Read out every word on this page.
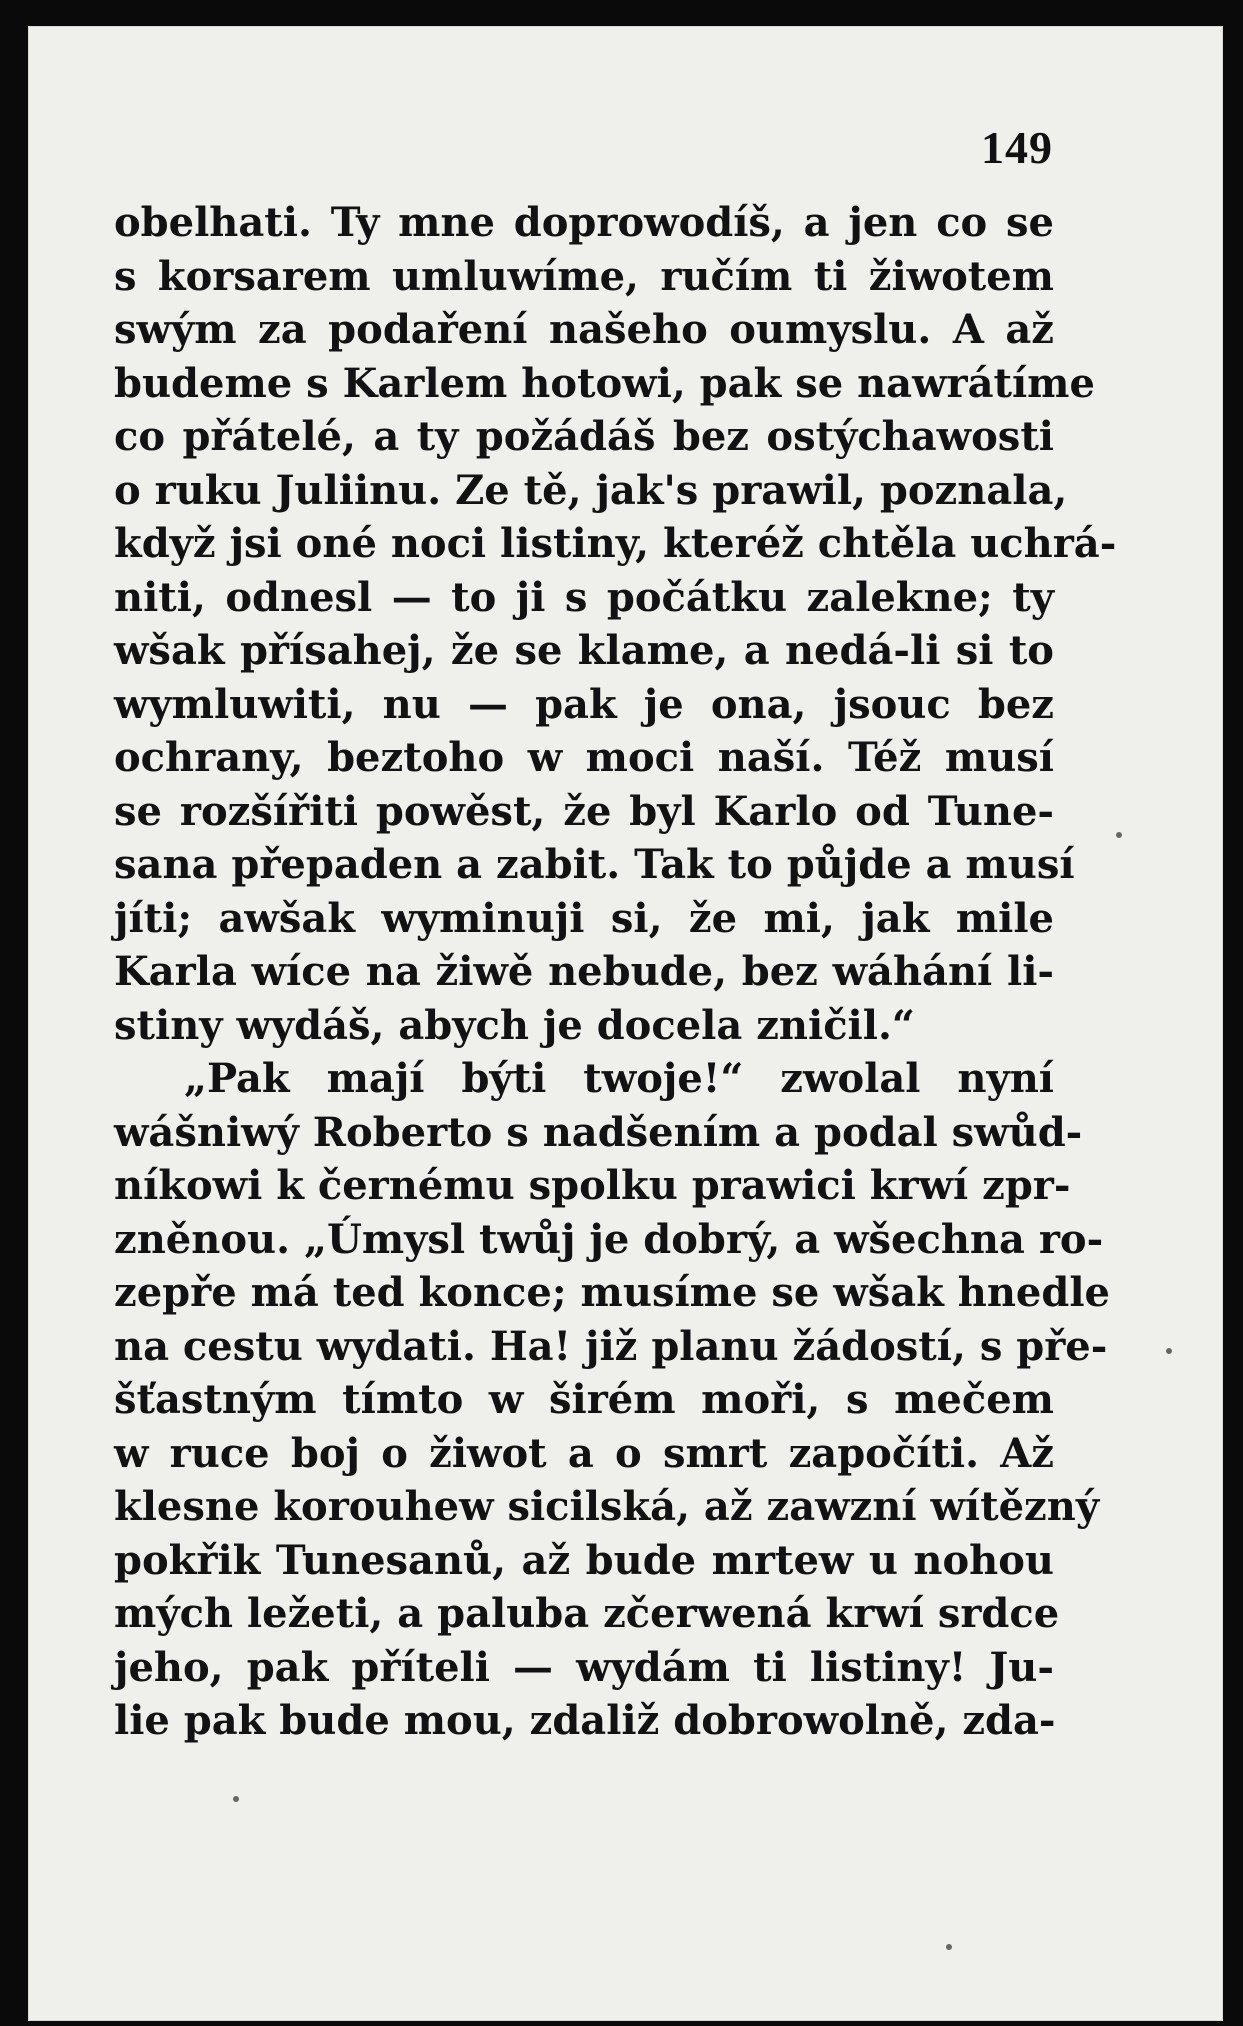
149
obelhati. Ty mne doprowodíš, a jen co se
s korsarem umluwíme, ručím ti žiwotem
swým za podaření našeho oumyslu. A až
budeme s Karlem hotowi, pak se nawrátíme
co přátelé, a ty požádáš bez ostýchawosti
o ruku Juliinu. Ze tě, jak's prawil, poznala,
když jsi oné noci listiny, kteréž chtěla uchrá-
niti, odnesl — to ji s počátku zalekne; ty
wšak přísahej, že se klame, a nedá-li si to
wymluwiti, nu — pak je ona, jsouc bez
ochrany, beztoho w moci naší. Též musí
se rozšířiti powěst, že byl Karlo od Tune-
sana přepaden a zabit. Tak to půjde a musí
jíti; awšak wyminuji si, že mi, jak mile
Karla wíce na žiwě nebude, bez wáhání li-
stiny wydáš, abych je docela zničil.“
„Pak mají býti twoje!“ zwolal nyní
wášniwý Roberto s nadšením a podal swůd-
níkowi k černému spolku prawici krwí zpr-
zněnou. „Úmysl twůj je dobrý, a wšechna ro-
zepře má ted konce; musíme se wšak hnedle
na cestu wydati. Ha! již planu žádostí, s pře-
šťastným tímto w širém moři, s mečem
w ruce boj o žiwot a o smrt započíti. Až
klesne korouhew sicilská, až zawzní wítězný
pokřik Tunesanů, až bude mrtew u nohou
mých ležeti, a paluba zčerwená krwí srdce
jeho, pak příteli — wydám ti listiny! Ju-
lie pak bude mou, zdaliž dobrowolně, zda-
